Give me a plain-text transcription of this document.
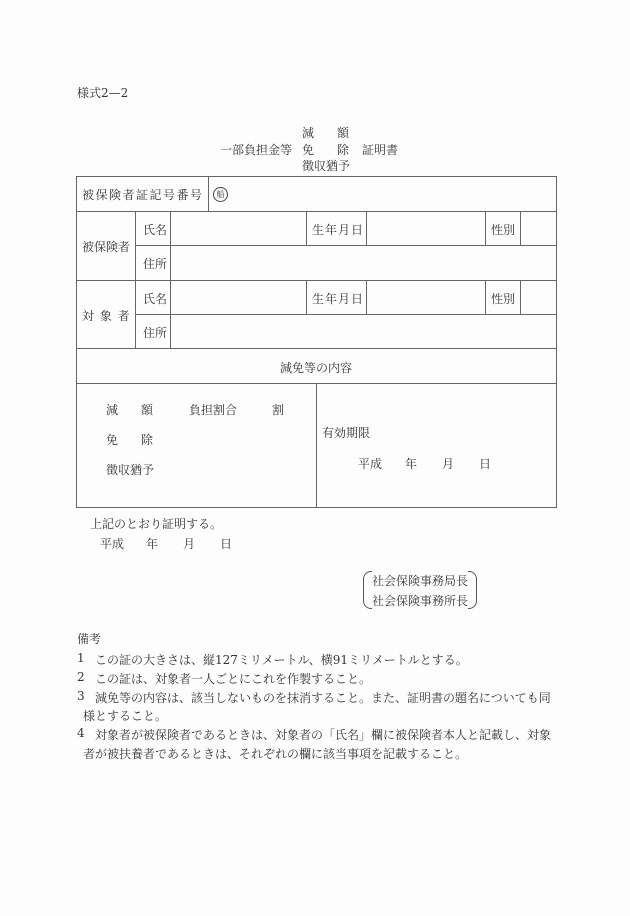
様式2—2
減 額
一部負担金等 免 除 証明書
徴収猶予
被保険者証記号番号	船
被保険者
氏名	生年月日	性別
住所
対 象 者
氏名	生年月日	性別
住所
減免等の内容
減 額	負担割合	割
免 除
徴収猶予
有効期限
平成 年 月 日
上記のとおり証明する。
平成 年 月 日
社会保険事務局長
社会保険事務所長
備考
1 この証の大きさは、縦127ミリメートル、横91ミリメートルとする。
2 この証は、対象者一人ごとにこれを作製すること。
3 減免等の内容は、該当しないものを抹消すること。また、証明書の題名についても同
様とすること。
4 対象者が被保険者であるときは、対象者の「氏名」欄に被保険者本人と記載し、対象
者が被扶養者であるときは、それぞれの欄に該当事項を記載すること。
